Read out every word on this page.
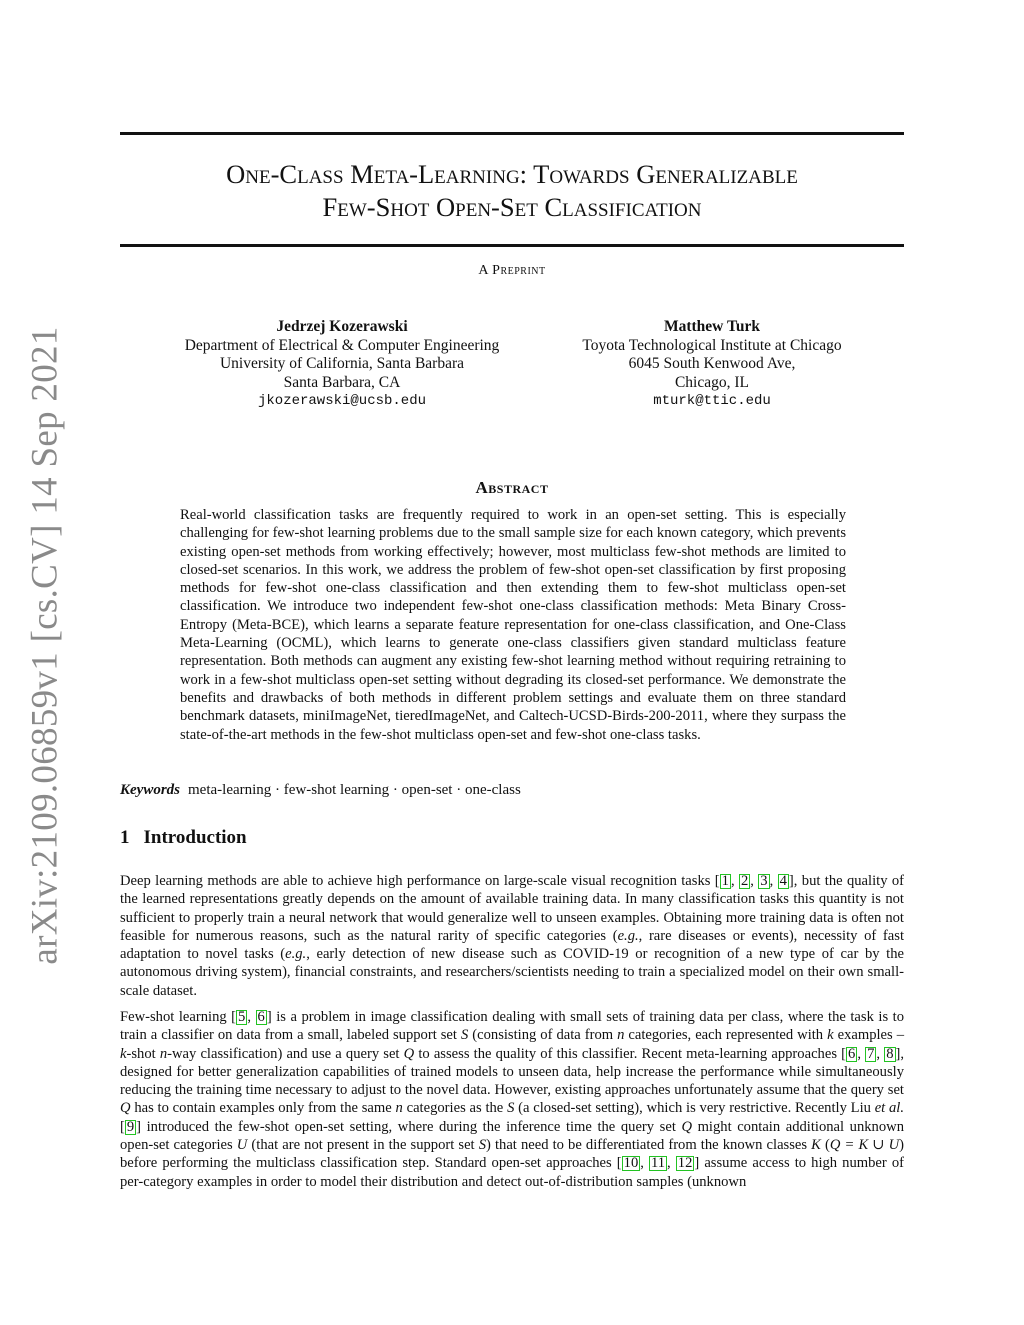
arXiv:2109.06859v1 [cs.CV] 14 Sep 2021
One-Class Meta-Learning: Towards Generalizable
Few-Shot Open-Set Classification
A Preprint
Jedrzej Kozerawski
Department of Electrical & Computer Engineering
University of California, Santa Barbara
Santa Barbara, CA
jkozerawski@ucsb.edu
Matthew Turk
Toyota Technological Institute at Chicago
6045 South Kenwood Ave,
Chicago, IL
mturk@ttic.edu
Abstract
Real-world classification tasks are frequently required to work in an open-set setting. This is especially challenging for few-shot learning problems due to the small sample size for each known category, which prevents existing open-set methods from working effectively; however, most multiclass few-shot methods are limited to closed-set scenarios. In this work, we address the problem of few-shot open-set classification by first proposing methods for few-shot one-class classification and then extending them to few-shot multiclass open-set classification. We introduce two independent few-shot one-class classification methods: Meta Binary Cross-Entropy (Meta-BCE), which learns a separate feature representation for one-class classification, and One-Class Meta-Learning (OCML), which learns to generate one-class classifiers given standard multiclass feature representation. Both methods can augment any existing few-shot learning method without requiring retraining to work in a few-shot multiclass open-set setting without degrading its closed-set performance. We demonstrate the benefits and drawbacks of both methods in different problem settings and evaluate them on three standard benchmark datasets, miniImageNet, tieredImageNet, and Caltech-UCSD-Birds-200-2011, where they surpass the state-of-the-art methods in the few-shot multiclass open-set and few-shot one-class tasks.
Keywords meta-learning · few-shot learning · open-set · one-class
1 Introduction

Deep learning methods are able to achieve high performance on large-scale visual recognition tasks [ 1 , 2 , 3 , 4 ], but the quality of the learned representations greatly depends on the amount of available training data. In many classification tasks this quantity is not sufficient to properly train a neural network that would generalize well to unseen examples. Obtaining more training data is often not feasible for numerous reasons, such as the natural rarity of specific categories (e.g., rare diseases or events), necessity of fast adaptation to novel tasks (e.g., early detection of new disease such as COVID-19 or recognition of a new type of car by the autonomous driving system), financial constraints, and researchers/scientists needing to train a specialized model on their own small-scale dataset.

Few-shot learning [ 5 , 6 ] is a problem in image classification dealing with small sets of training data per class, where the task is to train a classifier on data from a small, labeled support set S (consisting of data from n categories, each represented with k examples – k-shot n-way classification) and use a query set Q to assess the quality of this classifier. Recent meta-learning approaches [ 6 , 7 , 8 ], designed for better generalization capabilities of trained models to unseen data, help increase the performance while simultaneously reducing the training time necessary to adjust to the novel data. However, existing approaches unfortunately assume that the query set Q has to contain examples only from the same n categories as the S (a closed-set setting), which is very restrictive. Recently Liu et al. [ 9 ] introduced the few-shot open-set setting, where during the inference time the query set Q might contain additional unknown open-set categories U (that are not present in the support set S) that need to be differentiated from the known classes K (Q = K ∪ U) before performing the multiclass classification step. Standard open-set approaches [ 10 , 11 , 12 ] assume access to high number of per-category examples in order to model their distribution and detect out-of-distribution samples (unknown
